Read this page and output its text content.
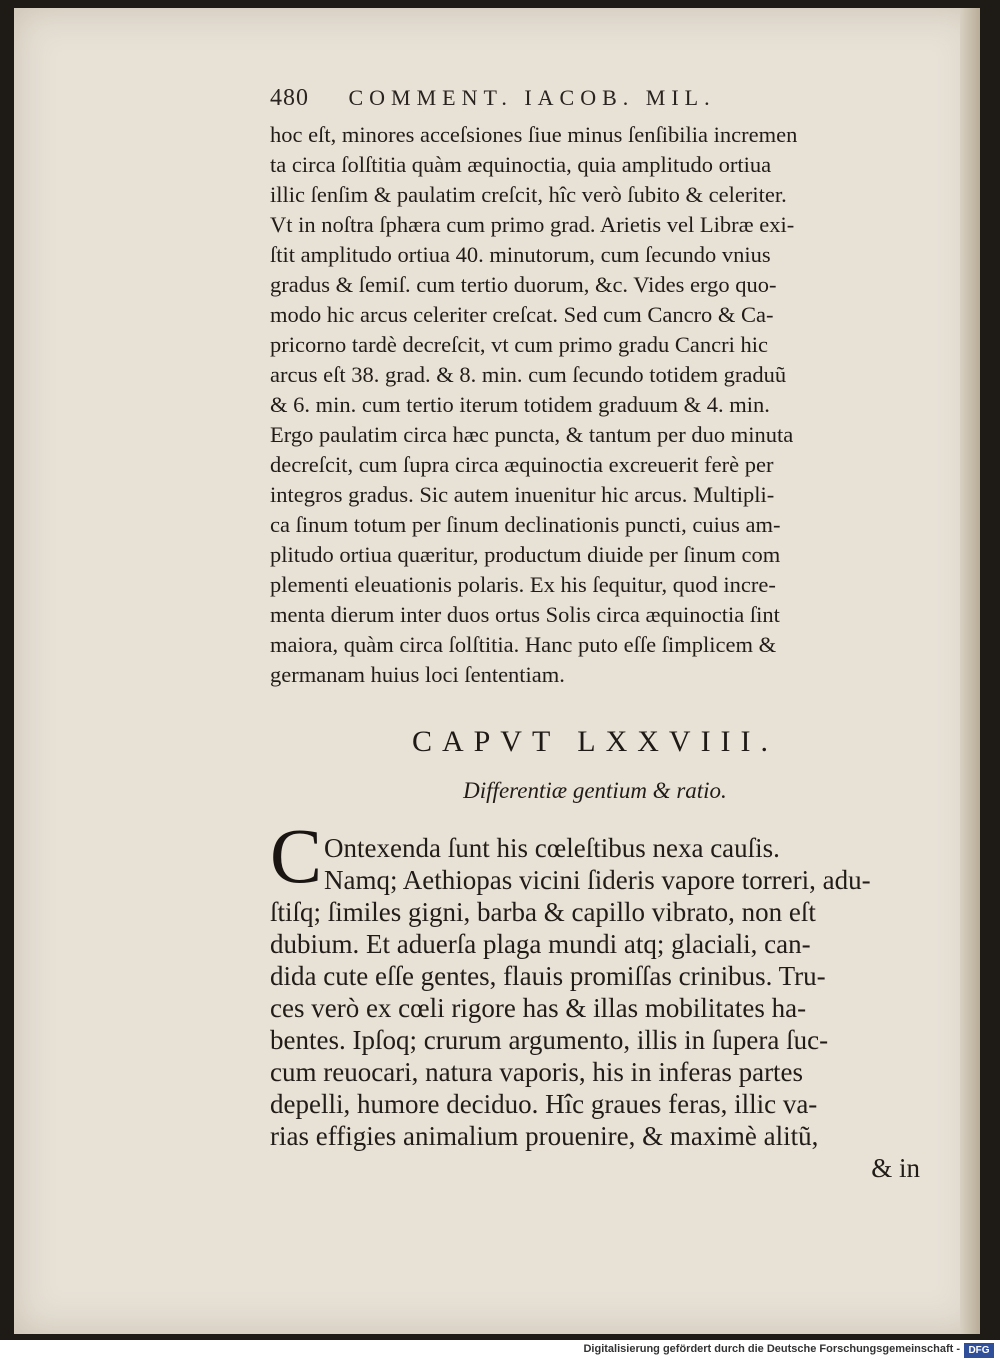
480 COMMENT. IACOB. MIL.
hoc eſt, minores acceſsiones ſiue minus ſenſibilia incremen
ta circa ſolſtitia quàm æquinoctia, quia amplitudo ortiua
illic ſenſim & paulatim creſcit, hîc verò ſubito & celeriter.
Vt in noſtra ſphæra cum primo grad. Arietis vel Libræ exi-
ſtit amplitudo ortiua 40. minutorum, cum ſecundo vnius
gradus & ſemiſ. cum tertio duorum, &c. Vides ergo quo-
modo hic arcus celeriter creſcat. Sed cum Cancro & Ca-
pricorno tardè decreſcit, vt cum primo gradu Cancri hic
arcus eſt 38. grad. & 8. min. cum ſecundo totidem graduũ
& 6. min. cum tertio iterum totidem graduum & 4. min.
Ergo paulatim circa hæc puncta, & tantum per duo minuta
decreſcit, cum ſupra circa æquinoctia excreuerit ferè per
integros gradus. Sic autem inuenitur hic arcus. Multipli-
ca ſinum totum per ſinum declinationis puncti, cuius am-
plitudo ortiua quæritur, productum diuide per ſinum com
plementi eleuationis polaris. Ex his ſequitur, quod incre-
menta dierum inter duos ortus Solis circa æquinoctia ſint
maiora, quàm circa ſolſtitia. Hanc puto eſſe ſimplicem &
germanam huius loci ſententiam.
CAPVT LXXVIII.
Differentiæ gentium & ratio.
C Ontexenda ſunt his cœleſtibus nexa cauſis.
Namq; Aethiopas vicini ſideris vapore torreri, adu-
ſtiſq; ſimiles gigni, barba & capillo vibrato, non eſt
dubium. Et aduerſa plaga mundi atq; glaciali, can-
dida cute eſſe gentes, flauis promiſſas crinibus. Tru-
ces verò ex cœli rigore has & illas mobilitates ha-
bentes. Ipſoq; crurum argumento, illis in ſupera ſuc-
cum reuocari, natura vaporis, his in inferas partes
depelli, humore deciduo. Hîc graues feras, illic va-
rias effigies animalium prouenire, & maximè alitũ,
& in
Digitalisierung gefördert durch die Deutsche Forschungsgemeinschaft - DFG
